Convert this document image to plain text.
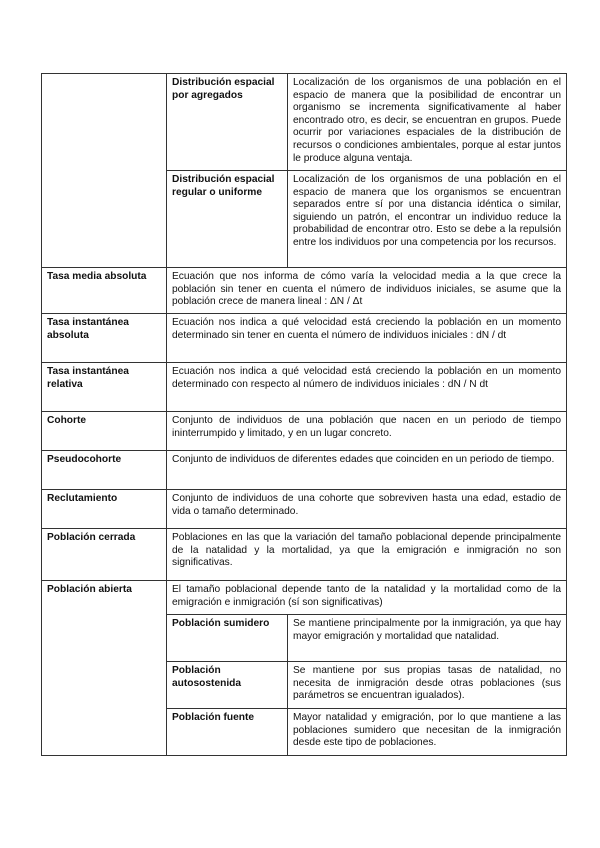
	Distribución espacial por agregados	Localización de los organismos de una población en el espacio de manera que la posibilidad de encontrar un organismo se incrementa significativamente al haber encontrado otro, es decir, se encuentran en grupos. Puede ocurrir por variaciones espaciales de la distribución de recursos o condiciones ambientales, porque al estar juntos le produce alguna ventaja.
	Distribución espacial regular o uniforme	Localización de los organismos de una población en el espacio de manera que los organismos se encuentran separados entre sí por una distancia idéntica o similar, siguiendo un patrón, el encontrar un individuo reduce la probabilidad de encontrar otro. Esto se debe a la repulsión entre los individuos por una competencia por los recursos.
Tasa media absoluta	Ecuación que nos informa de cómo varía la velocidad media a la que crece la población sin tener en cuenta el número de individuos iniciales, se asume que la población crece de manera lineal : ΔN / Δt	
Tasa instantánea absoluta	Ecuación nos indica a qué velocidad está creciendo la población en un momento determinado sin tener en cuenta el número de individuos iniciales : dN / dt	
Tasa instantánea relativa	Ecuación nos indica a qué velocidad está creciendo la población en un momento determinado con respecto al número de individuos iniciales : dN / N dt	
Cohorte	Conjunto de individuos de una población que nacen en un periodo de tiempo ininterrumpido y limitado, y en un lugar concreto.	
Pseudocohorte	Conjunto de individuos de diferentes edades que coinciden en un periodo de tiempo.	
Reclutamiento	Conjunto de individuos de una cohorte que sobreviven hasta una edad, estadio de vida o tamaño determinado.	
Población cerrada	Poblaciones en las que la variación del tamaño poblacional depende principalmente de la natalidad y la mortalidad, ya que la emigración e inmigración no son significativas.	
Población abierta	El tamaño poblacional depende tanto de la natalidad y la mortalidad como de la emigración e inmigración (sí son significativas)	
	Población sumidero	Se mantiene principalmente por la inmigración, ya que hay mayor emigración y mortalidad que natalidad.
	Población autosostenida	Se mantiene por sus propias tasas de natalidad, no necesita de inmigración desde otras poblaciones (sus parámetros se encuentran igualados).
	Población fuente	Mayor natalidad y emigración, por lo que mantiene a las poblaciones sumidero que necesitan de la inmigración desde este tipo de poblaciones.
